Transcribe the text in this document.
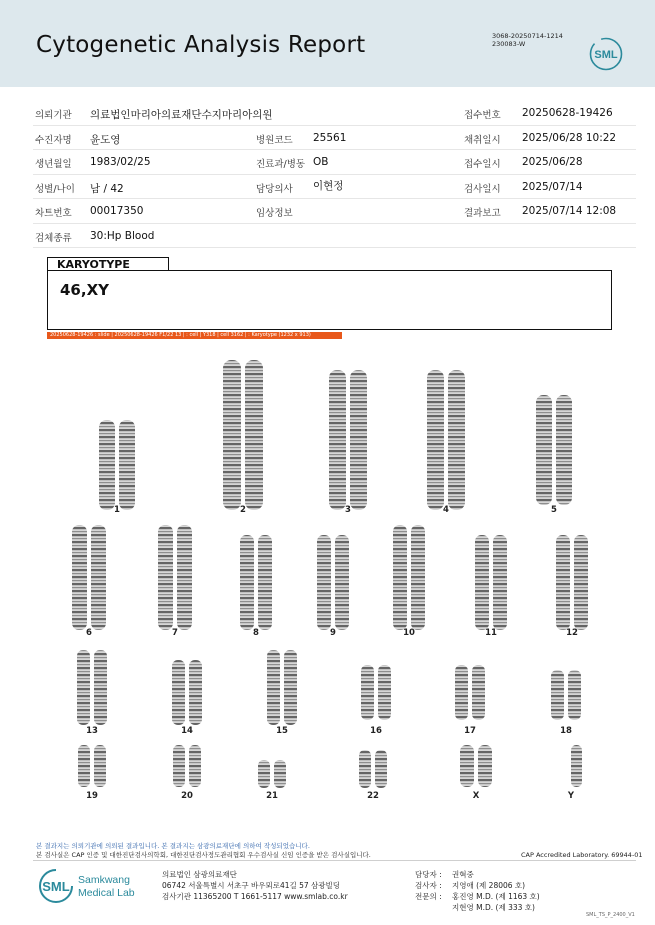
Cytogenetic Analysis Report	3068-20250714-1214
230083-W
SML
의뢰기관 의료법인마리아의료재단수지마리아의원	접수번호 20250628-19426
수진자명 윤도영	병원코드 25561	채취일시 2025/06/28 10:22
생년월일 1983/02/25	진료과/병동 OB	접수일시 2025/06/28
성별/나이 남 / 42	담당의사 이현정	검사일시 2025/07/14
차트번호 00017350	임상정보	결과보고 2025/07/14 12:08
검체종류 30:Hp Blood
KARYOTYPE
46,XY
20250628-19426 : slide | 20250628-19426 F1/22 13 | : cell | Y318 | cell 3162 | : Karyotype (1232 x 913)
1	2	3	4	5
6	7	8	9	10	11	12
13	14	15	16	17	18
19	20	21	22	X	Y
본 결과지는 의뢰기관에 의뢰된 결과입니다. 본 결과지는 삼광의료재단에 의하여 작성되었습니다.
본 검사실은 CAP 인증 및 대한진단검사의학회, 대한진단검사정도관리협회 우수검사실 신임 인증을 받은 검사실입니다.	CAP Accredited Laboratory. 69944-01
SML Samkwang
Medical Lab
의료법인 삼광의료재단
06742 서울특별시 서초구 바우뫼로41길 57 삼광빌딩
검사기관 11365200 T 1661-5117 www.smlab.co.kr
담당자 :	권혁중
검사자 :	지영애 (제 28006 호)
전문의 :	홍진영 M.D. (제 1163 호)
지현영 M.D. (제 333 호)
SML_TS_P_2400_V1
